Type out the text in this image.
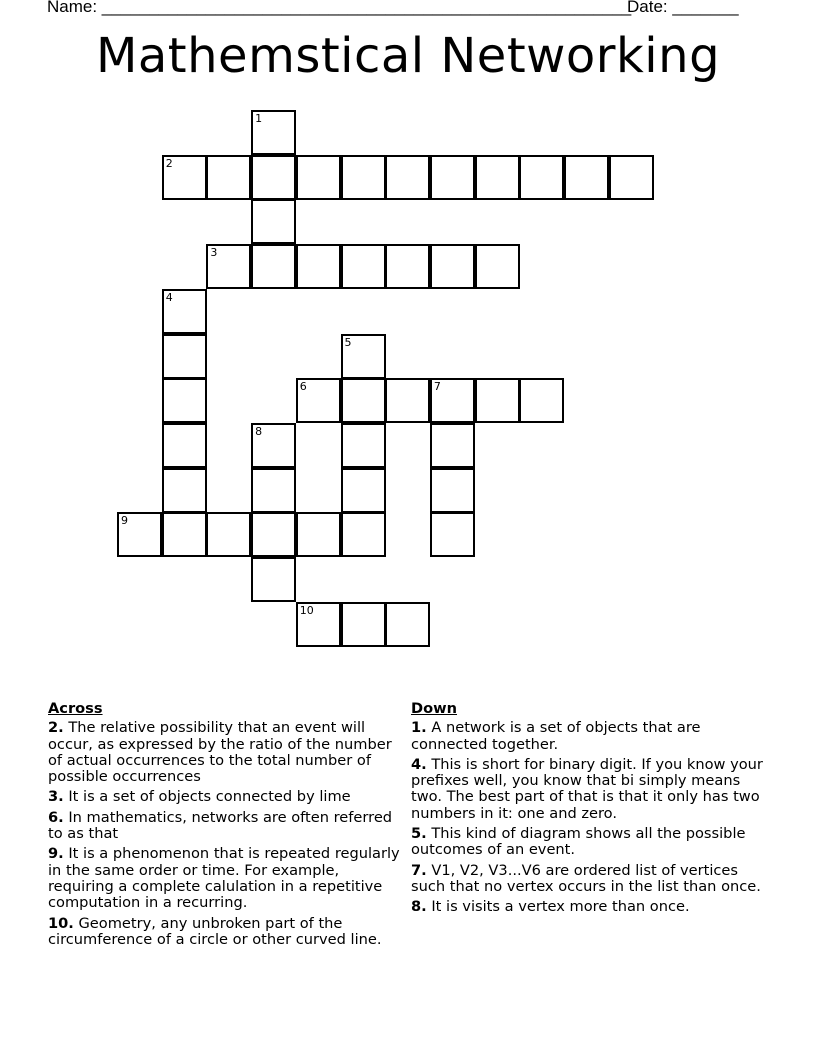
Name: ________________________________________________________
Date: _______
Mathemstical Networking
1
2
3
4
5
6	7
8
9
10
Across
2. The relative possibility that an event will occur, as expressed by the ratio of the number of actual occurrences to the total number of possible occurrences
3. It is a set of objects connected by lime
6. In mathematics, networks are often referred to as that
9. It is a phenomenon that is repeated regularly in the same order or time. For example, requiring a complete calulation in a repetitive computation in a recurring.
10. Geometry, any unbroken part of the circumference of a circle or other curved line.
Down
1. A network is a set of objects that are connected together.
4. This is short for binary digit. If you know your prefixes well, you know that bi simply means two. The best part of that is that it only has two numbers in it: one and zero.
5. This kind of diagram shows all the possible outcomes of an event.
7. V1, V2, V3...V6 are ordered list of vertices such that no vertex occurs in the list than once.
8. It is visits a vertex more than once.
